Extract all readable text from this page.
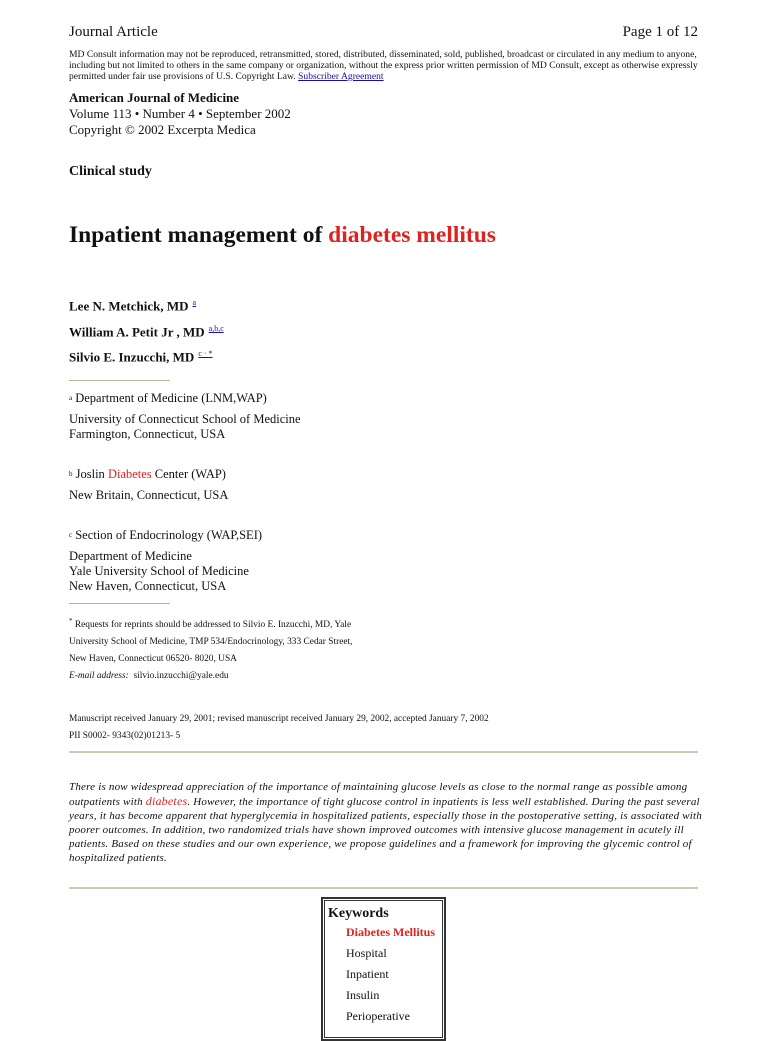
Journal Article	Page 1 of 12
MD Consult information may not be reproduced, retransmitted, stored, distributed, disseminated, sold, published, broadcast or circulated in any medium to anyone, including but not limited to others in the same company or organization, without the express prior written permission of MD Consult, except as otherwise expressly permitted under fair use provisions of U.S. Copyright Law. Subscriber Agreement
American Journal of Medicine
Volume 113 • Number 4 • September 2002
Copyright © 2002 Excerpta Medica
Clinical study
Inpatient management of diabetes mellitus
Lee N. Metchick, MD $^a$
William A. Petit Jr , MD $^{a,b,c}$
Silvio E. Inzucchi, MD $^{c \cdot *}$
$^a$ Department of Medicine (LNM,WAP)
University of Connecticut School of Medicine
Farmington, Connecticut, USA
$^b$ Joslin Diabetes Center (WAP)
New Britain, Connecticut, USA
$^c$ Section of Endocrinology (WAP,SEI)
Department of Medicine
Yale University School of Medicine
New Haven, Connecticut, USA
* Requests for reprints should be addressed to Silvio E. Inzucchi, MD, Yale
University School of Medicine, TMP 534/Endocrinology, 333 Cedar Street,
New Haven, Connecticut 06520- 8020, USA
E-mail address: silvio.inzucchi@yale.edu
Manuscript received January 29, 2001; revised manuscript received January 29, 2002, accepted January 7, 2002
PII S0002- 9343(02)01213- 5
There is now widespread appreciation of the importance of maintaining glucose levels as close to the normal range as possible among outpatients with diabetes. However, the importance of tight glucose control in inpatients is less well established. During the past several years, it has become apparent that hyperglycemia in hospitalized patients, especially those in the postoperative setting, is associated with poorer outcomes. In addition, two randomized trials have shown improved outcomes with intensive glucose management in acutely ill patients. Based on these studies and our own experience, we propose guidelines and a framework for improving the glycemic control of hospitalized patients.
Keywords
Diabetes Mellitus
Hospital
Inpatient
Insulin
Perioperative
